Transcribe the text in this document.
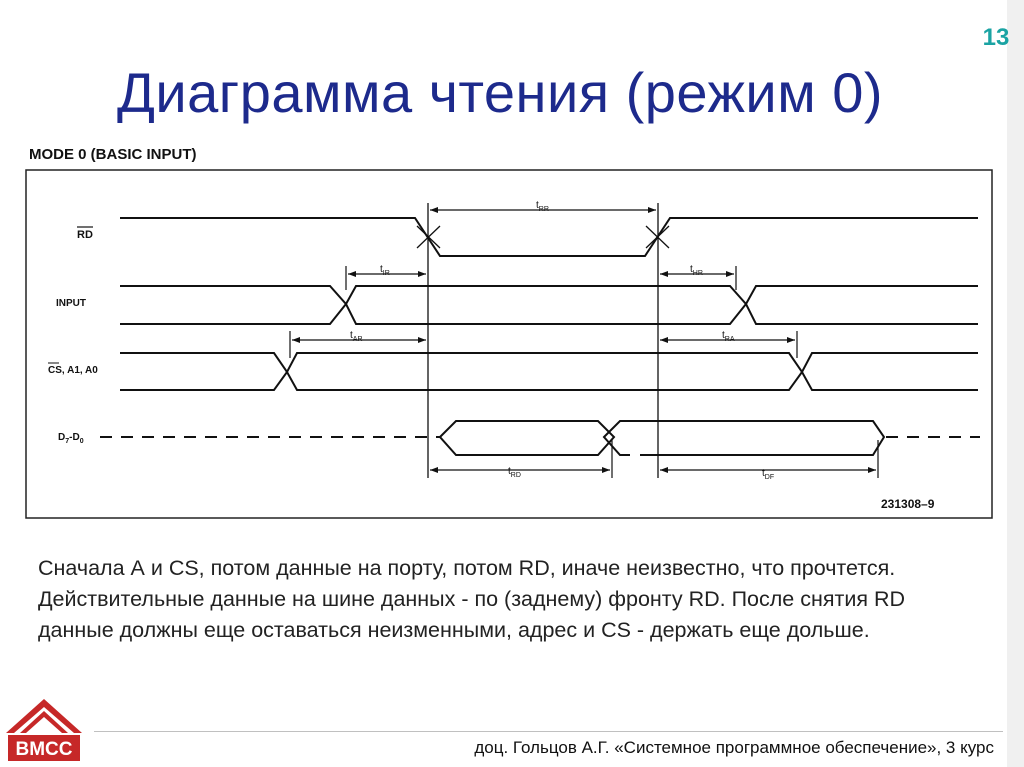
13
Диаграмма чтения (режим 0)
MODE 0 (BASIC INPUT)
RD
INPUT
CS, A1, A0
$D_7-D_0$
$t_{RR}$
$t_{IR}$	$t_{HR}$
$t_{AR}$	$t_{RA}$
$t_{RD}$	$t_{DF}$
231308–9
Сначала А и CS, потом данные на порту, потом RD, иначе неизвестно, что прочтется. Действительные данные на шине данных - по (заднему) фронту RD. После снятия RD данные должны еще оставаться неизменными, адрес и CS - держать еще дольше.
доц. Гольцов А.Г. «Системное программное обеспечение», 3 курс
ВМСС
